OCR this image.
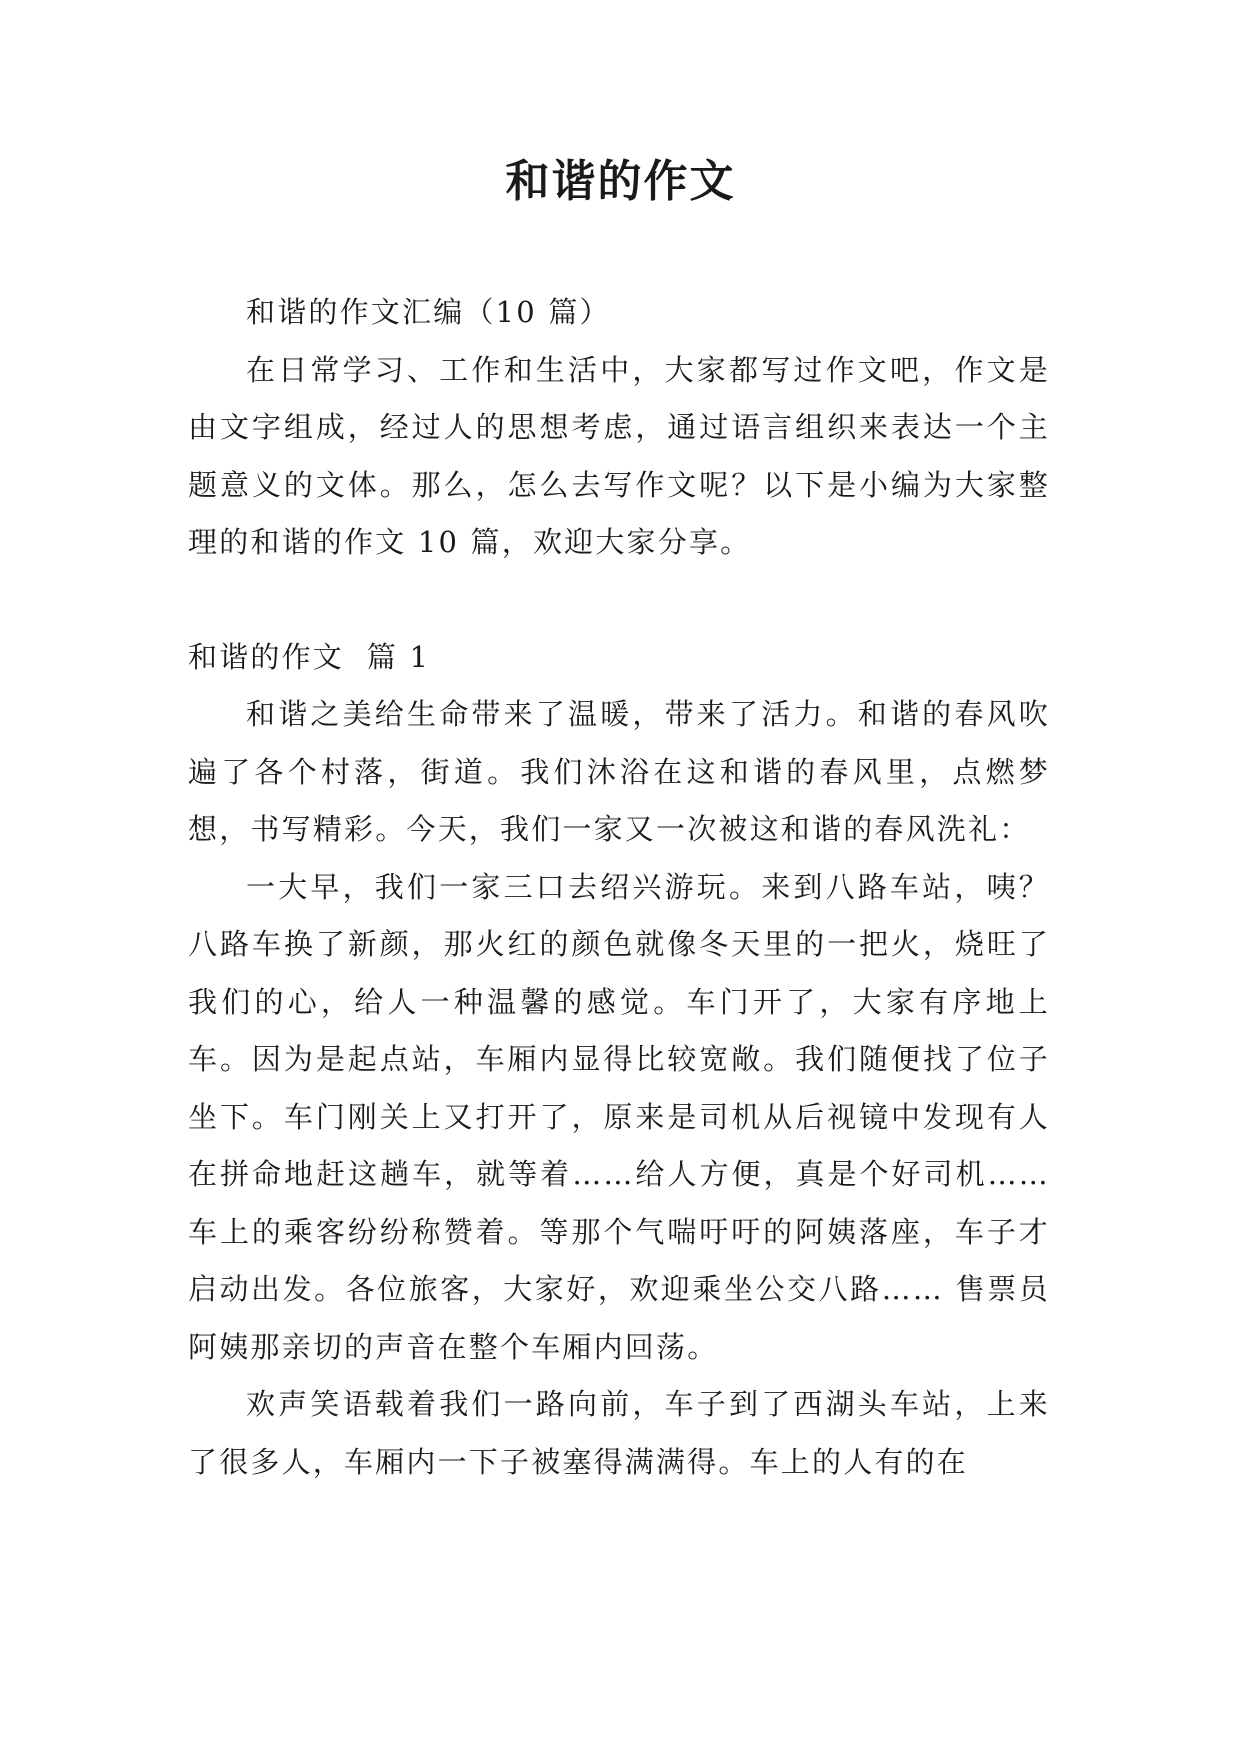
和谐的作文

和谐的作文汇编（10 篇）

在日常学习、工作和生活中，大家都写过作文吧，作文是由文字组成，经过人的思想考虑，通过语言组织来表达一个主题意义的文体。那么，怎么去写作文呢？以下是小编为大家整理的和谐的作文 10 篇，欢迎大家分享。

和谐的作文  篇 1

和谐之美给生命带来了温暖，带来了活力。和谐的春风吹遍了各个村落，街道。我们沐浴在这和谐的春风里，点燃梦想，书写精彩。今天，我们一家又一次被这和谐的春风洗礼：

一大早，我们一家三口去绍兴游玩。来到八路车站，咦？八路车换了新颜，那火红的颜色就像冬天里的一把火，烧旺了我们的心，给人一种温馨的感觉。车门开了，大家有序地上车。因为是起点站，车厢内显得比较宽敞。我们随便找了位子坐下。车门刚关上又打开了，原来是司机从后视镜中发现有人在拼命地赶这趟车，就等着……给人方便，真是个好司机…… 车上的乘客纷纷称赞着。等那个气喘吁吁的阿姨落座，车子才启动出发。各位旅客，大家好，欢迎乘坐公交八路…… 售票员阿姨那亲切的声音在整个车厢内回荡。

欢声笑语载着我们一路向前，车子到了西湖头车站，上来了很多人，车厢内一下子被塞得满满得。车上的人有的在
